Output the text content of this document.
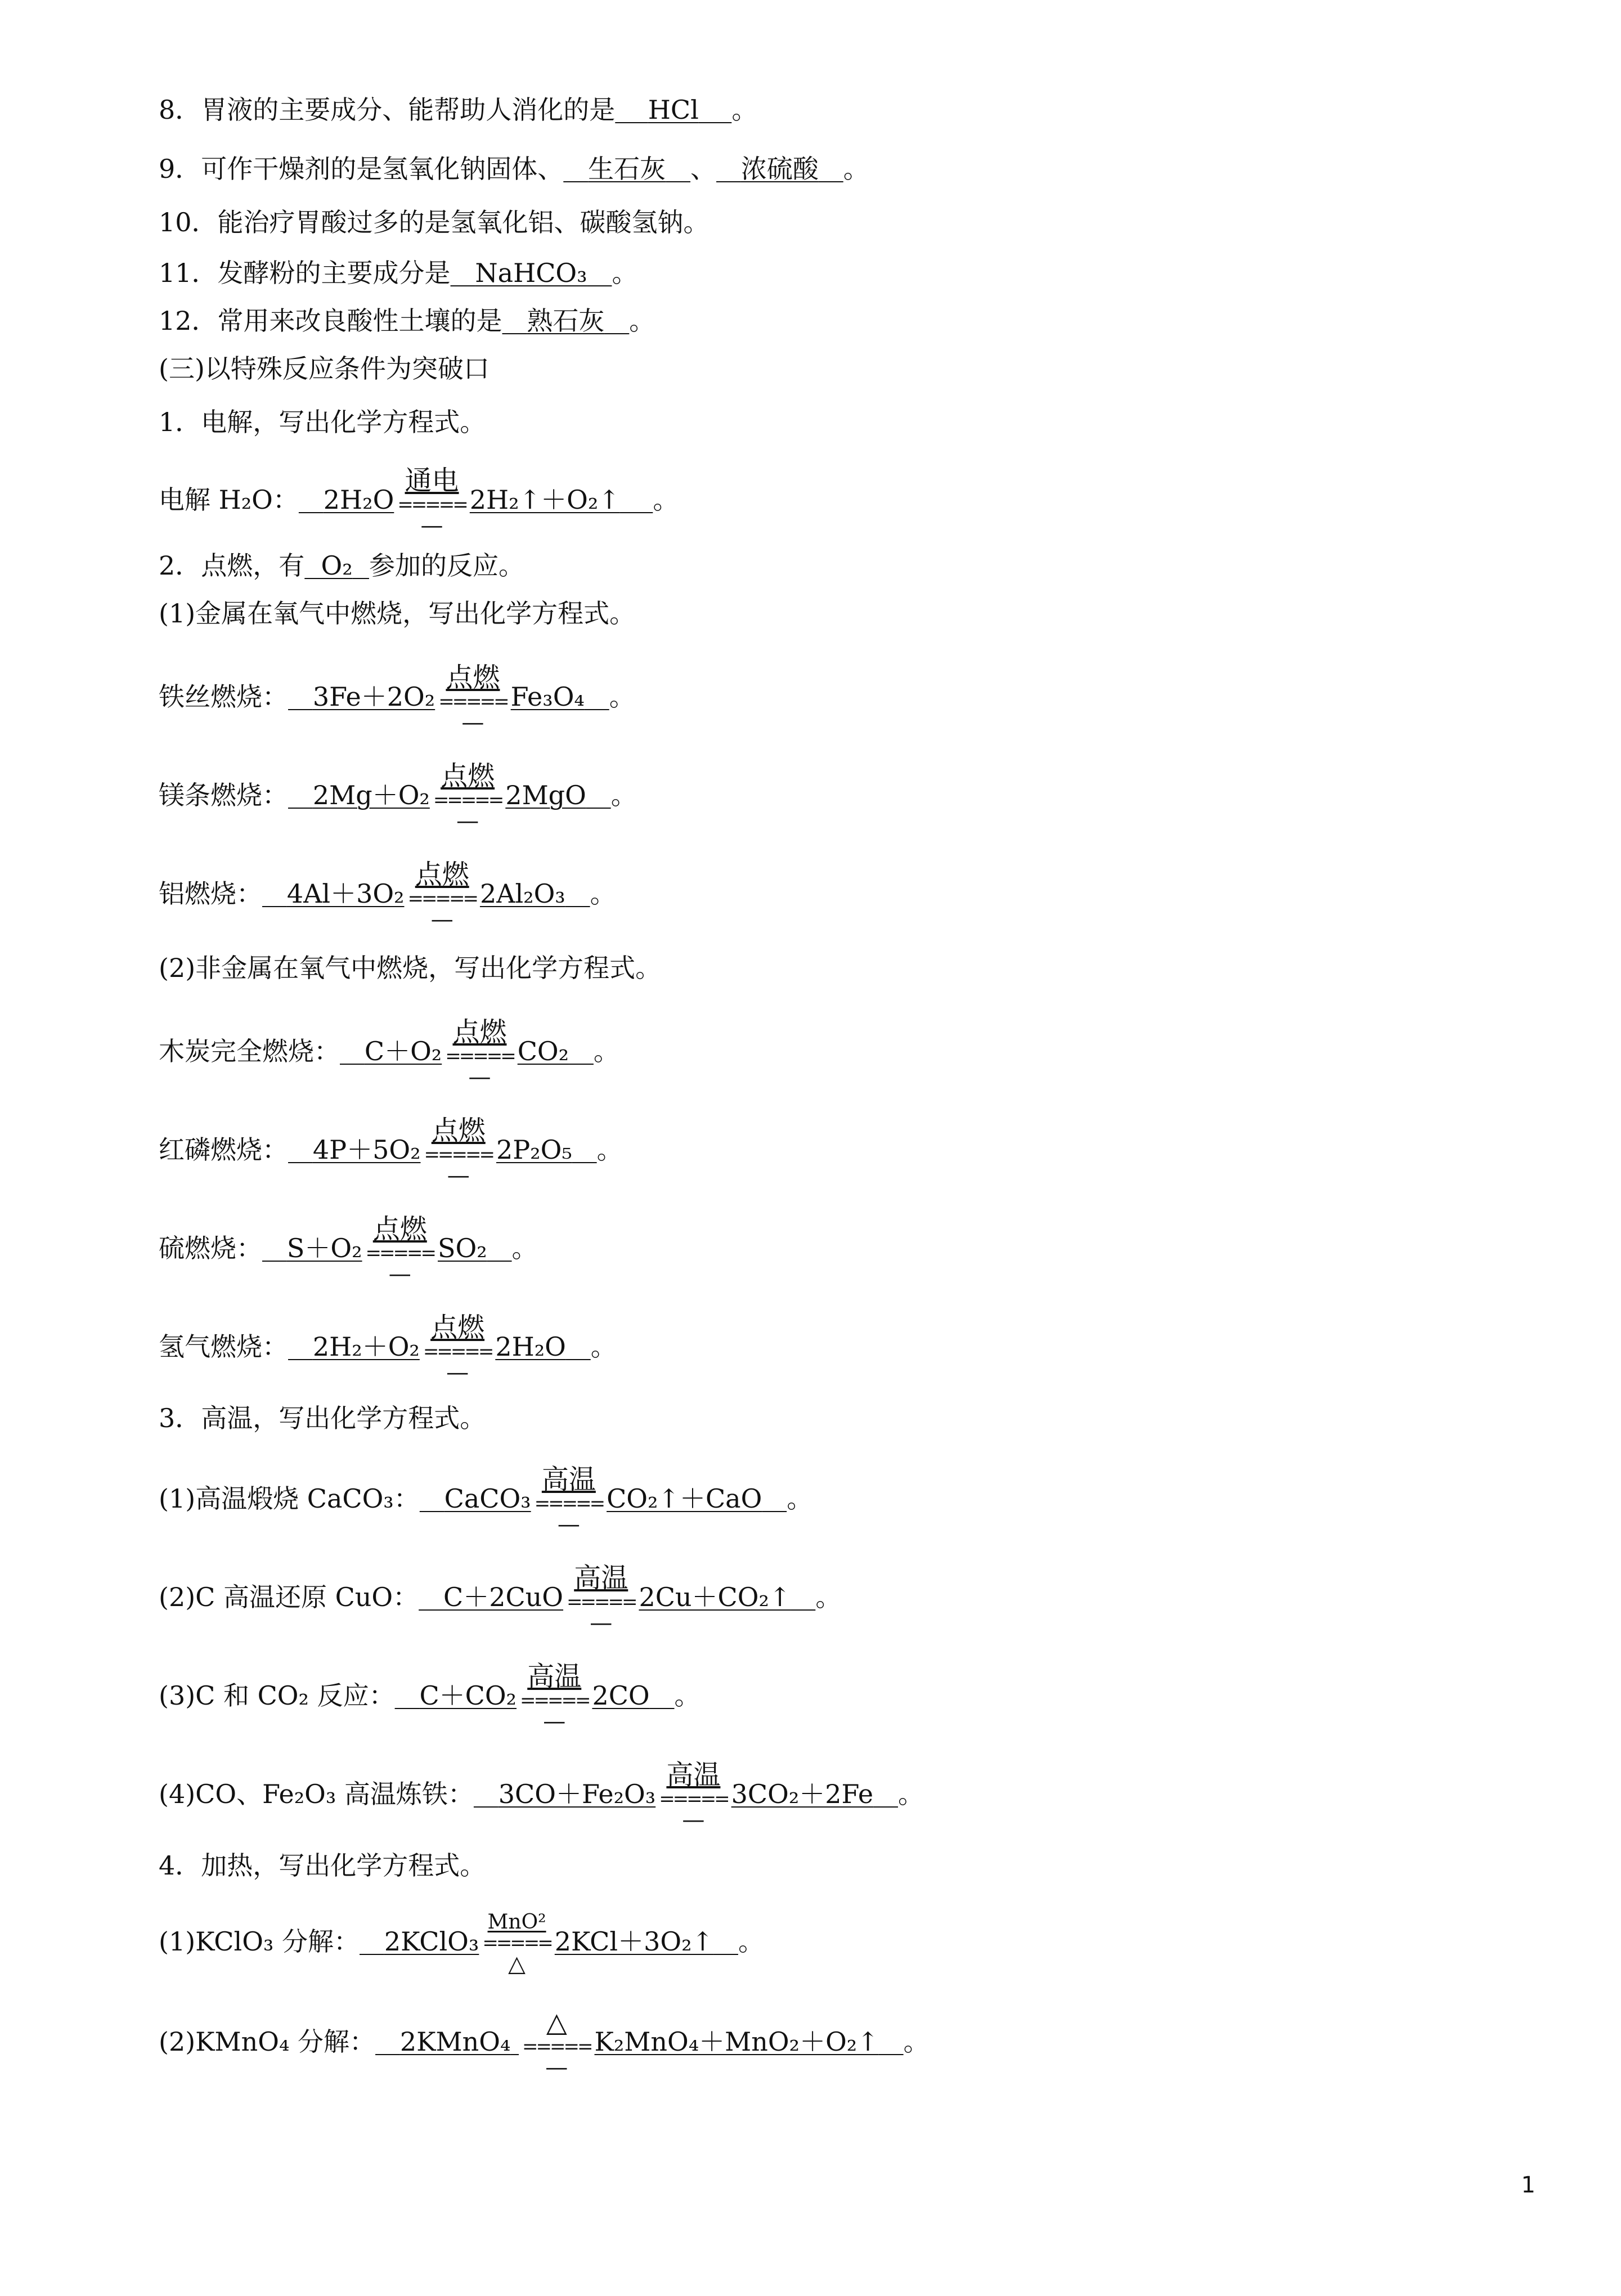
8．胃液的主要成分、能帮助人消化的是 HCl 。
9．可作干燥剂的是氢氧化钠固体、 生石灰 、 浓硫酸 。
10．能治疗胃酸过多的是氢氧化铝、碳酸氢钠。
11．发酵粉的主要成分是 NaHCO₃ 。
12．常用来改良酸性土壤的是 熟石灰 。
(三)以特殊反应条件为突破口
1．电解，写出化学方程式。
电解 H₂O： 2H₂O
通电
=====
—
2H₂↑＋O₂↑ 。
2．点燃，有 O₂ 参加的反应。
(1)金属在氧气中燃烧，写出化学方程式。
铁丝燃烧： 3Fe＋2O₂
点燃
=====
—
Fe₃O₄ 。
镁条燃烧： 2Mg＋O₂
点燃
=====
—
2MgO 。
铝燃烧： 4Al＋3O₂
点燃
=====
—
2Al₂O₃ 。
(2)非金属在氧气中燃烧，写出化学方程式。
木炭完全燃烧： C＋O₂
点燃
=====
—
CO₂ 。
红磷燃烧： 4P＋5O₂
点燃
=====
—
2P₂O₅ 。
硫燃烧： S＋O₂
点燃
=====
—
SO₂ 。
氢气燃烧： 2H₂＋O₂
点燃
=====
—
2H₂O 。
3．高温，写出化学方程式。
(1)高温煅烧 CaCO₃： CaCO₃
高温
=====
—
CO₂↑＋CaO 。
(2)C 高温还原 CuO： C＋2CuO
高温
=====
—
2Cu＋CO₂↑ 。
(3)C 和 CO₂ 反应： C＋CO₂
高温
=====
—
2CO 。
(4)CO、Fe₂O₃ 高温炼铁： 3CO＋Fe₂O₃
高温
=====
—
3CO₂＋2Fe 。
4．加热，写出化学方程式。
(1)KClO₃ 分解： 2KClO₃
MnO²
=====
△
2KCl＋3O₂↑ 。
(2)KMnO₄ 分解： 2KMnO₄
△
=====
—
K₂MnO₄＋MnO₂＋O₂↑ 。
1
